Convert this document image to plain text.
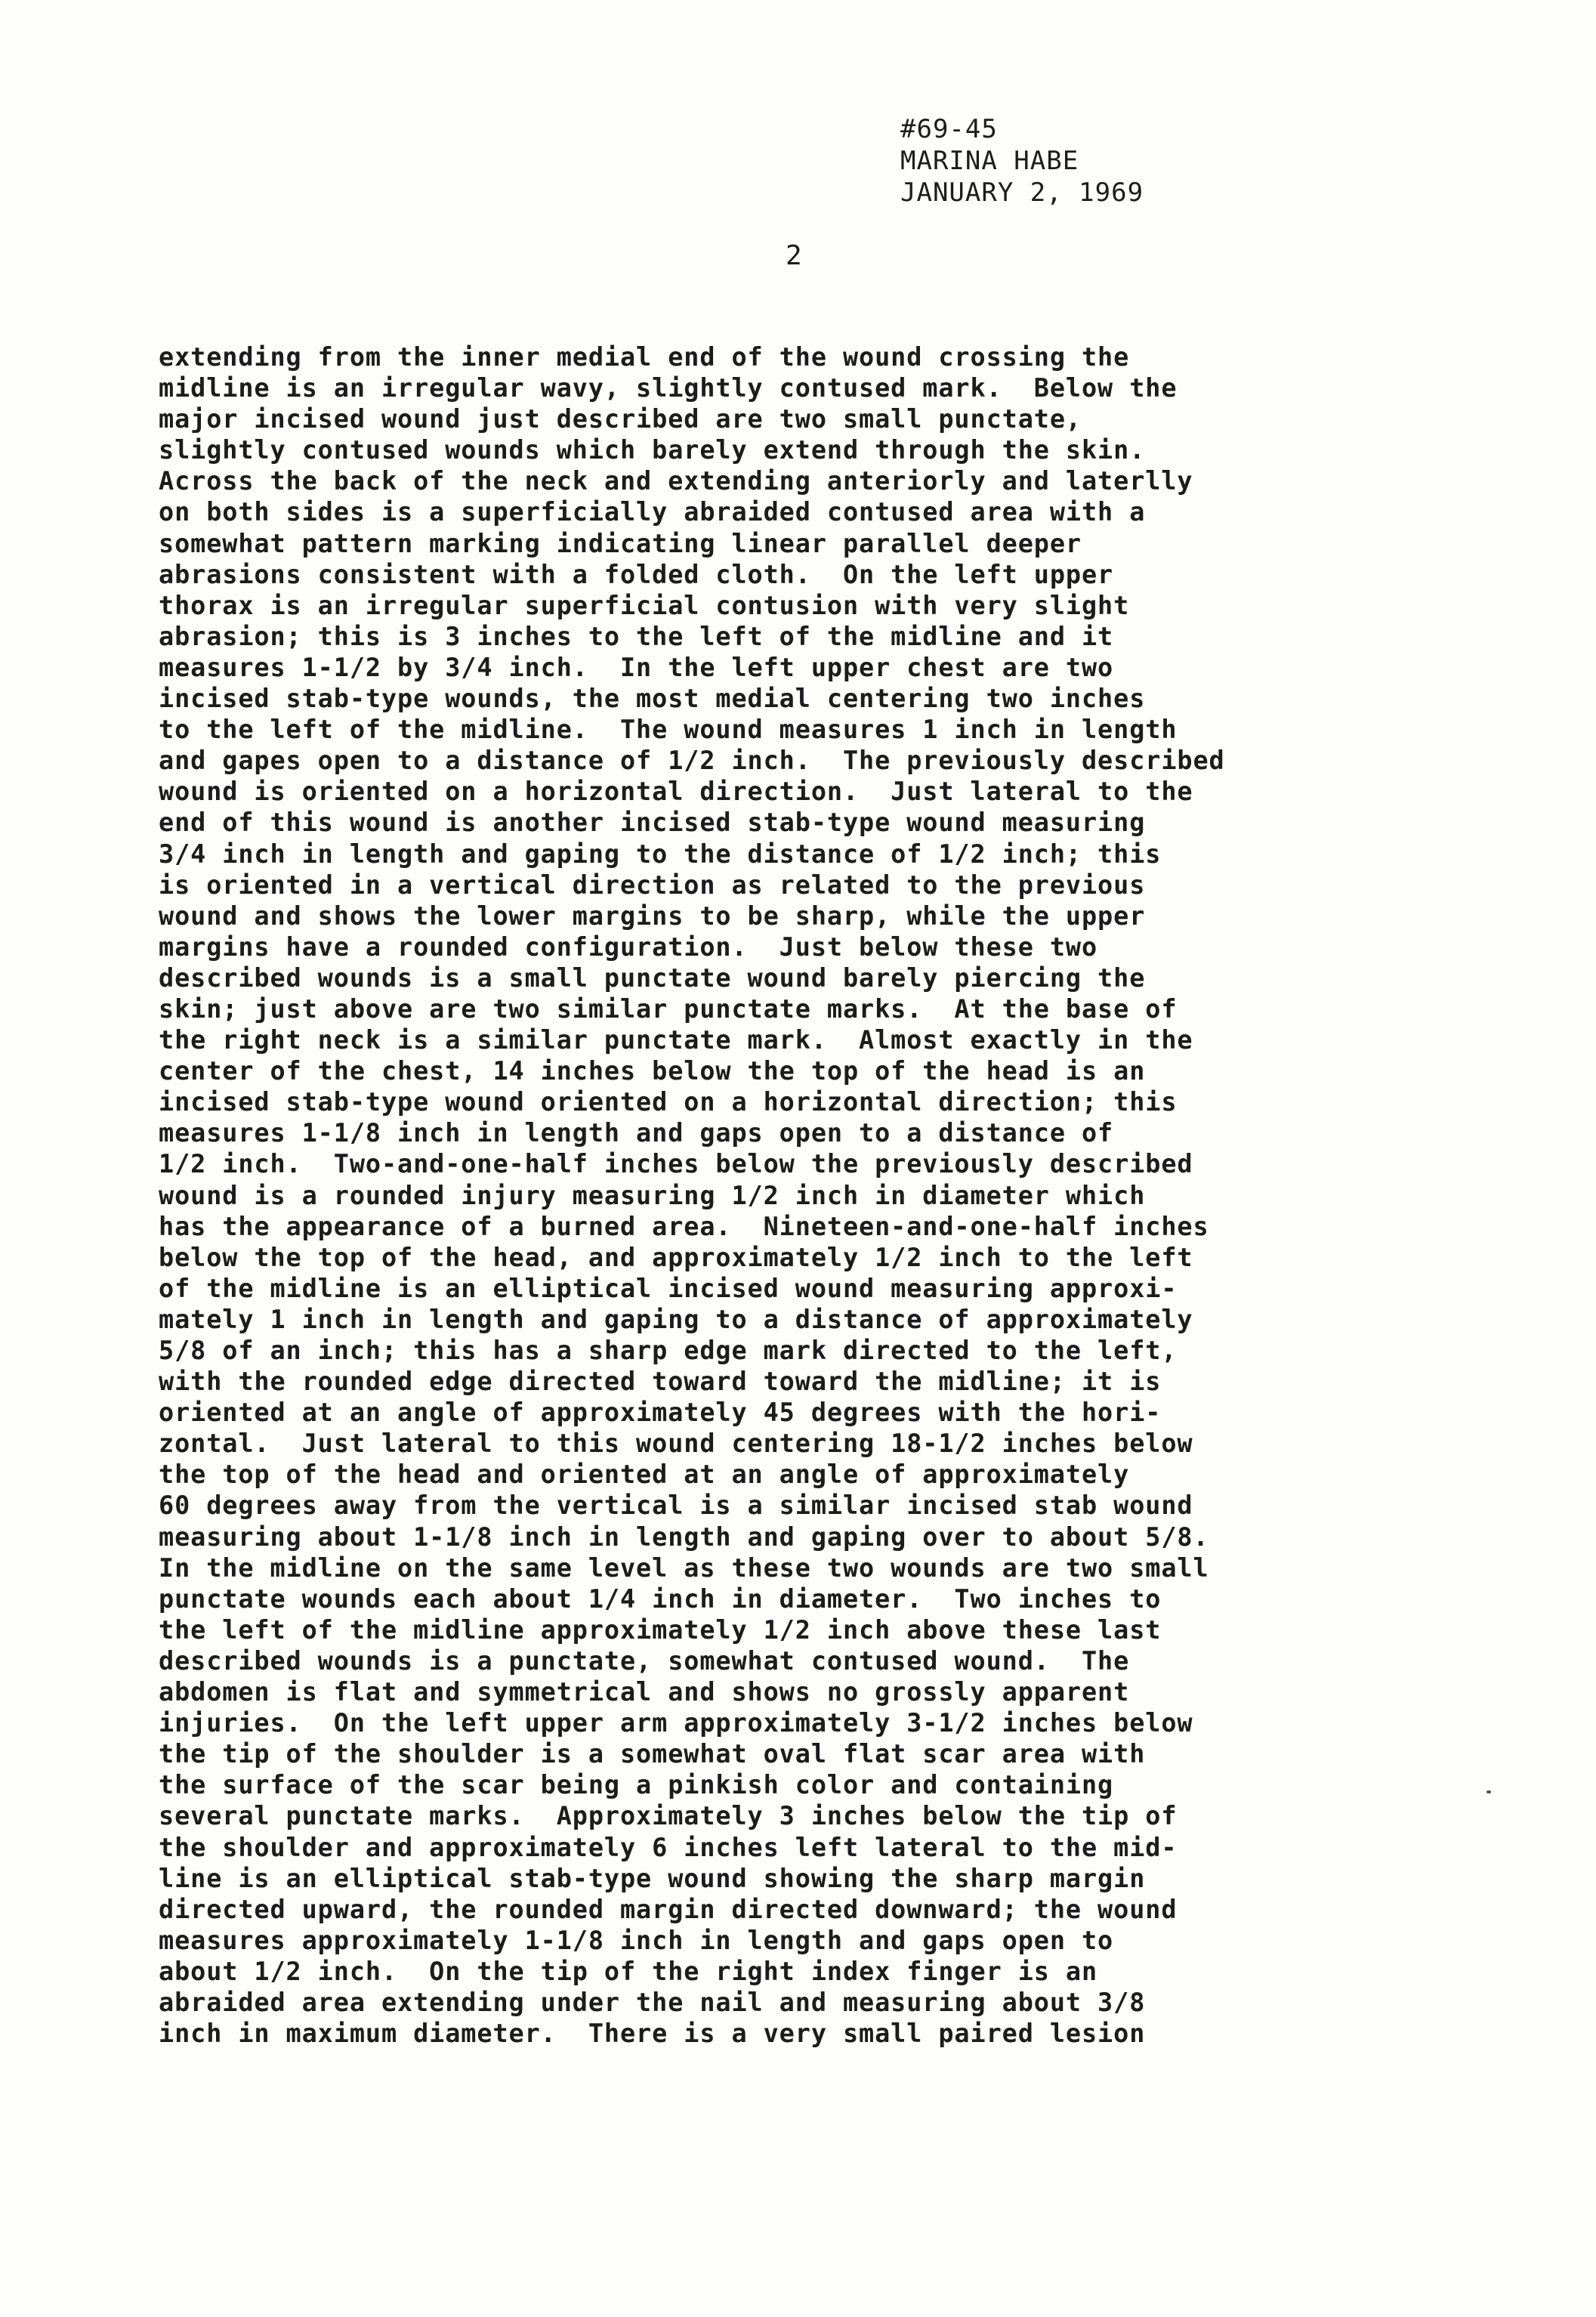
#69-45
MARINA HABE
JANUARY 2, 1969
2
extending from the inner medial end of the wound crossing the
midline is an irregular wavy, slightly contused mark.  Below the
major incised wound just described are two small punctate,
slightly contused wounds which barely extend through the skin.
Across the back of the neck and extending anteriorly and laterlly
on both sides is a superficially abraided contused area with a
somewhat pattern marking indicating linear parallel deeper
abrasions consistent with a folded cloth.  On the left upper
thorax is an irregular superficial contusion with very slight
abrasion; this is 3 inches to the left of the midline and it
measures 1-1/2 by 3/4 inch.  In the left upper chest are two
incised stab-type wounds, the most medial centering two inches
to the left of the midline.  The wound measures 1 inch in length
and gapes open to a distance of 1/2 inch.  The previously described
wound is oriented on a horizontal direction.  Just lateral to the
end of this wound is another incised stab-type wound measuring
3/4 inch in length and gaping to the distance of 1/2 inch; this
is oriented in a vertical direction as related to the previous
wound and shows the lower margins to be sharp, while the upper
margins have a rounded configuration.  Just below these two
described wounds is a small punctate wound barely piercing the
skin; just above are two similar punctate marks.  At the base of
the right neck is a similar punctate mark.  Almost exactly in the
center of the chest, 14 inches below the top of the head is an
incised stab-type wound oriented on a horizontal direction; this
measures 1-1/8 inch in length and gaps open to a distance of
1/2 inch.  Two-and-one-half inches below the previously described
wound is a rounded injury measuring 1/2 inch in diameter which
has the appearance of a burned area.  Nineteen-and-one-half inches
below the top of the head, and approximately 1/2 inch to the left
of the midline is an elliptical incised wound measuring approxi-
mately 1 inch in length and gaping to a distance of approximately
5/8 of an inch; this has a sharp edge mark directed to the left,
with the rounded edge directed toward toward the midline; it is
oriented at an angle of approximately 45 degrees with the hori-
zontal.  Just lateral to this wound centering 18-1/2 inches below
the top of the head and oriented at an angle of approximately
60 degrees away from the vertical is a similar incised stab wound
measuring about 1-1/8 inch in length and gaping over to about 5/8.
In the midline on the same level as these two wounds are two small
punctate wounds each about 1/4 inch in diameter.  Two inches to
the left of the midline approximately 1/2 inch above these last
described wounds is a punctate, somewhat contused wound.  The
abdomen is flat and symmetrical and shows no grossly apparent
injuries.  On the left upper arm approximately 3-1/2 inches below
the tip of the shoulder is a somewhat oval flat scar area with
the surface of the scar being a pinkish color and containing
several punctate marks.  Approximately 3 inches below the tip of
the shoulder and approximately 6 inches left lateral to the mid-
line is an elliptical stab-type wound showing the sharp margin
directed upward, the rounded margin directed downward; the wound
measures approximately 1-1/8 inch in length and gaps open to
about 1/2 inch.  On the tip of the right index finger is an
abraided area extending under the nail and measuring about 3/8
inch in maximum diameter.  There is a very small paired lesion
